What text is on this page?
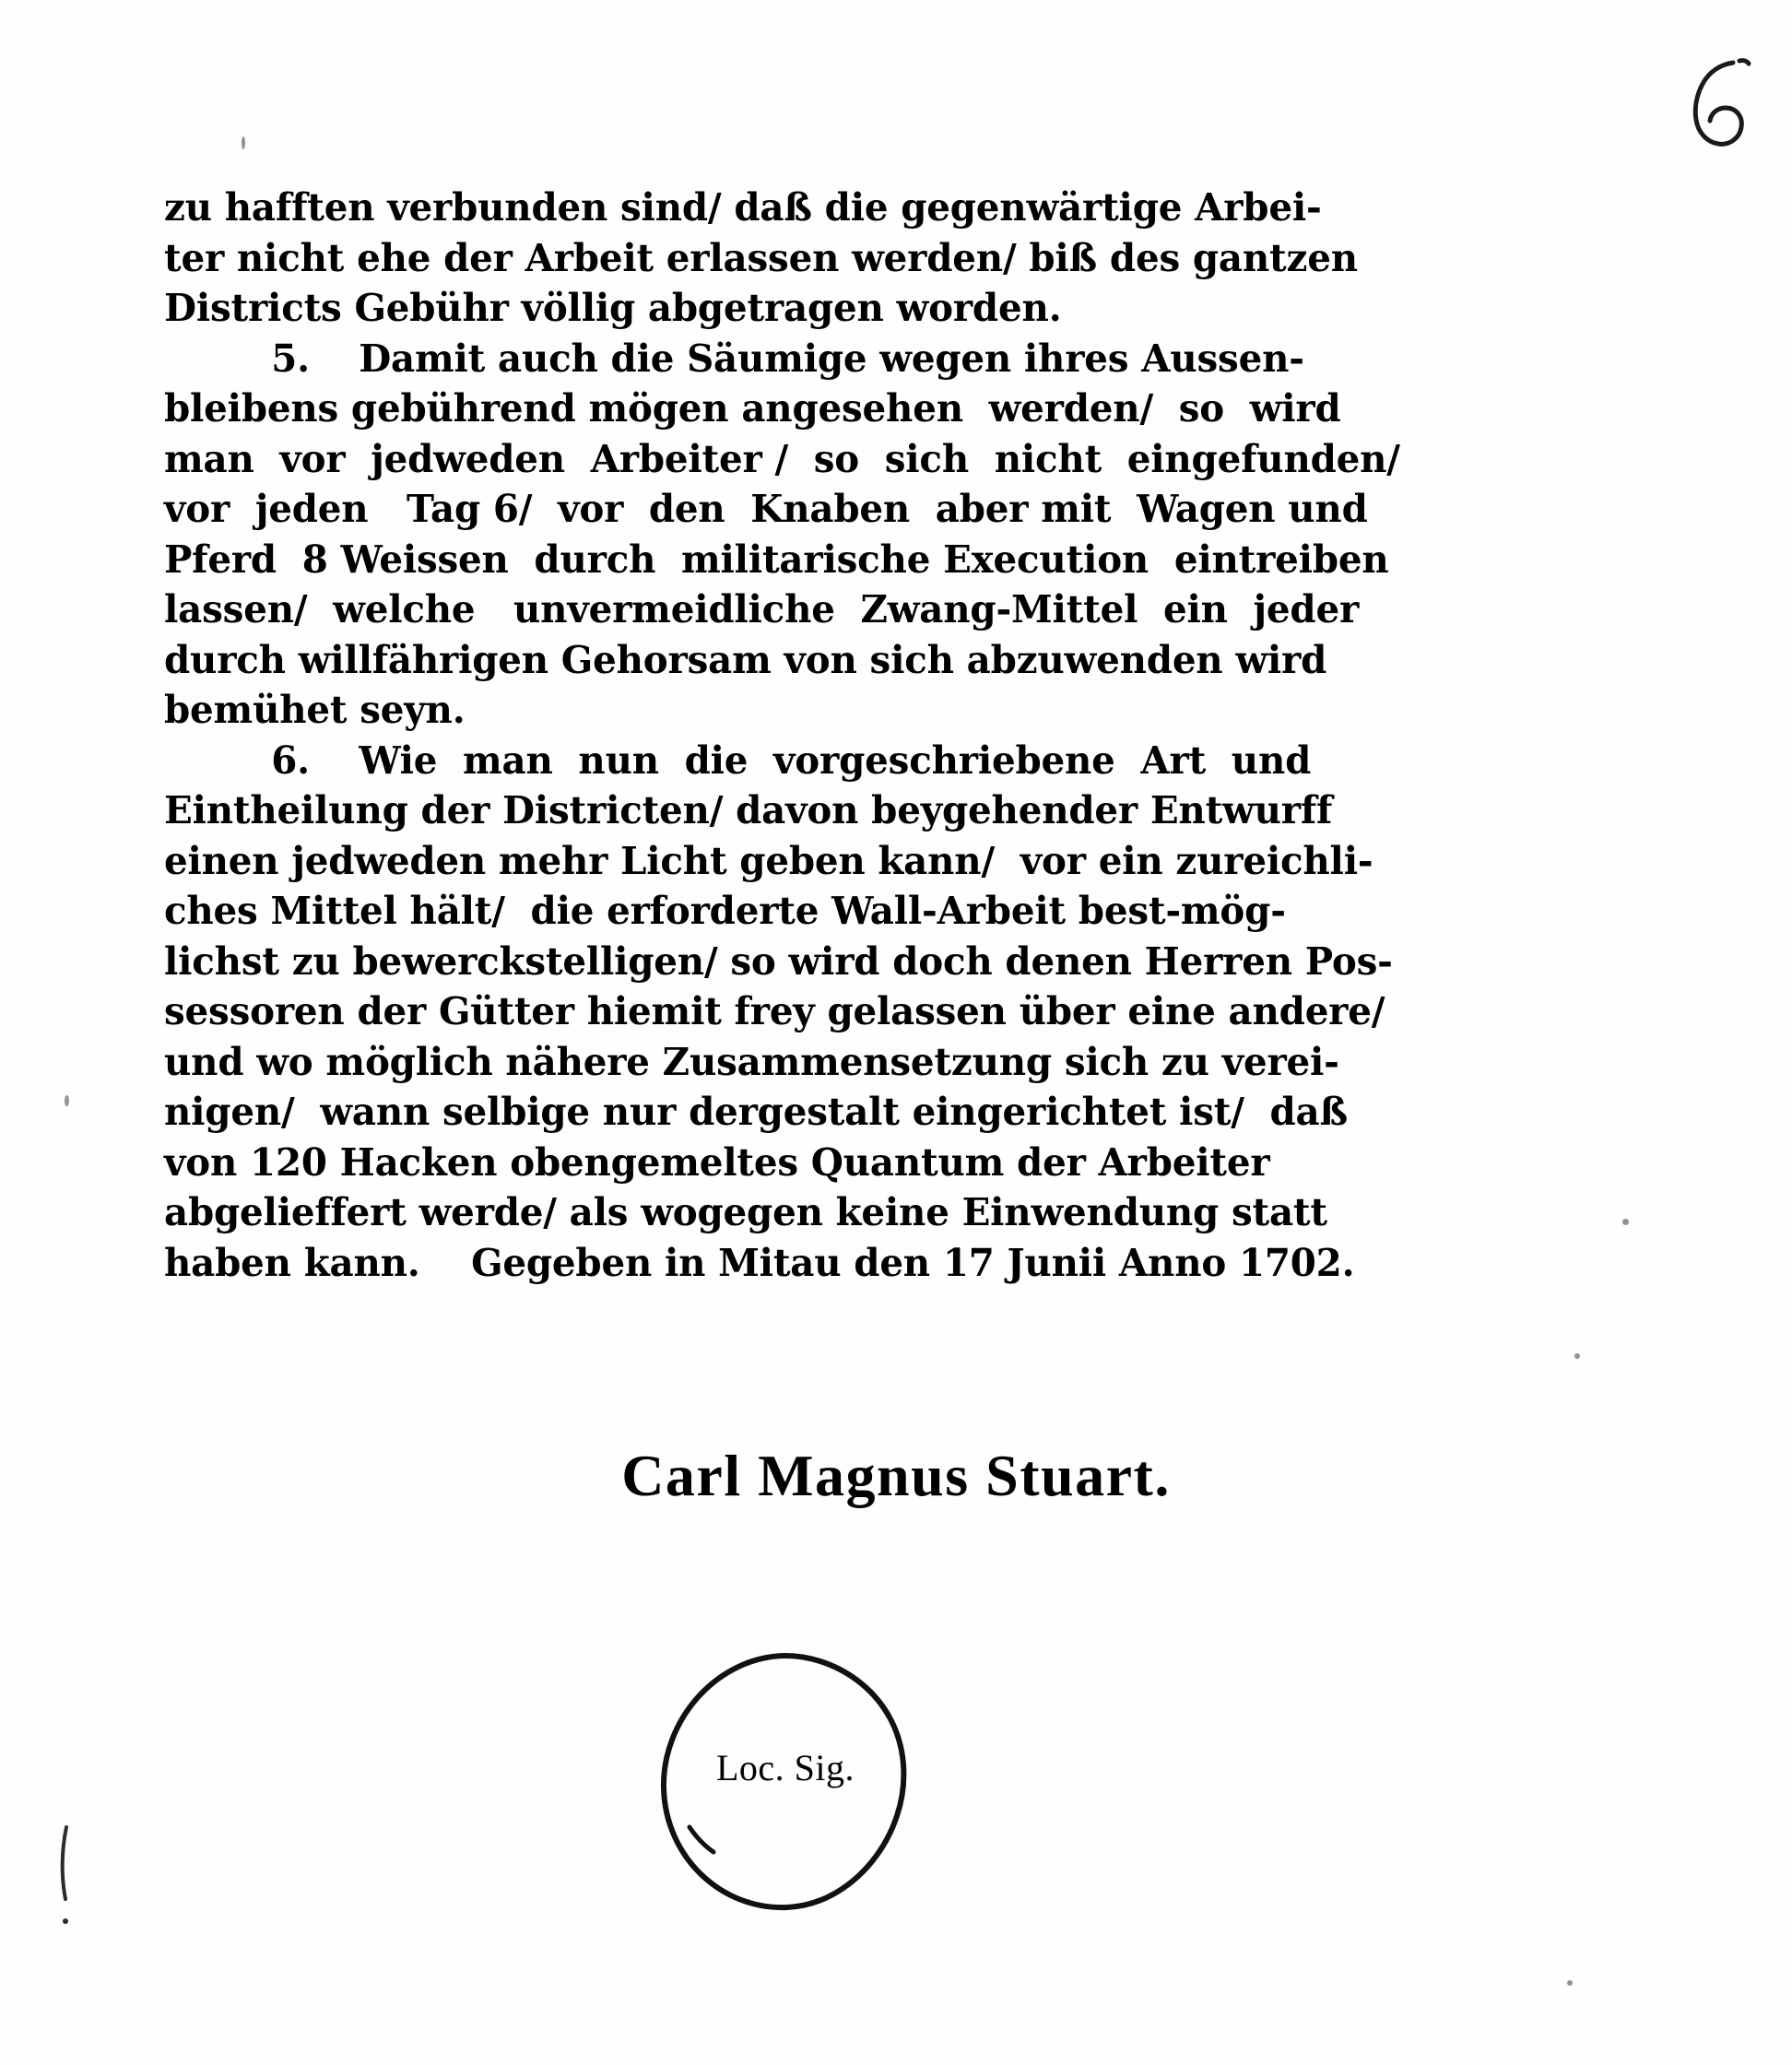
zu hafften verbunden sind/ daß die gegenwärtige Arbei-
ter nicht ehe der Arbeit erlassen werden/ biß des gantzen
Districts Gebühr völlig abgetragen worden.
5. Damit auch die Säumige wegen ihres Aussen-
bleibens gebührend mögen angesehen  werden/  so  wird
man  vor  jedweden  Arbeiter /  so  sich  nicht  eingefunden/
vor  jeden   Tag 6/  vor  den  Knaben  aber mit  Wagen und
Pferd  8 Weissen  durch  militarische Execution  eintreiben
lassen/  welche   unvermeidliche  Zwang-Mittel  ein  jeder
durch willfährigen Gehorsam von sich abzuwenden wird
bemühet seyn.
6. Wie  man  nun  die  vorgeschriebene  Art  und
Eintheilung der Districten/ davon beygehender Entwurff
einen jedweden mehr Licht geben kann/  vor ein zureichli-
ches Mittel hält/  die erforderte Wall-Arbeit best-mög-
lichst zu bewerckstelligen/ so wird doch denen Herren Pos-
sessoren der Gütter hiemit frey gelassen über eine andere/
und wo möglich nähere Zusammensetzung sich zu verei-
nigen/  wann selbige nur dergestalt eingerichtet ist/  daß
von 120 Hacken obengemeltes Quantum der Arbeiter
abgelieffert werde/ als wogegen keine Einwendung statt
haben kann.    Gegeben in Mitau den 17 Junii Anno 1702.
Carl Magnus Stuart.
Loc. Sig.
